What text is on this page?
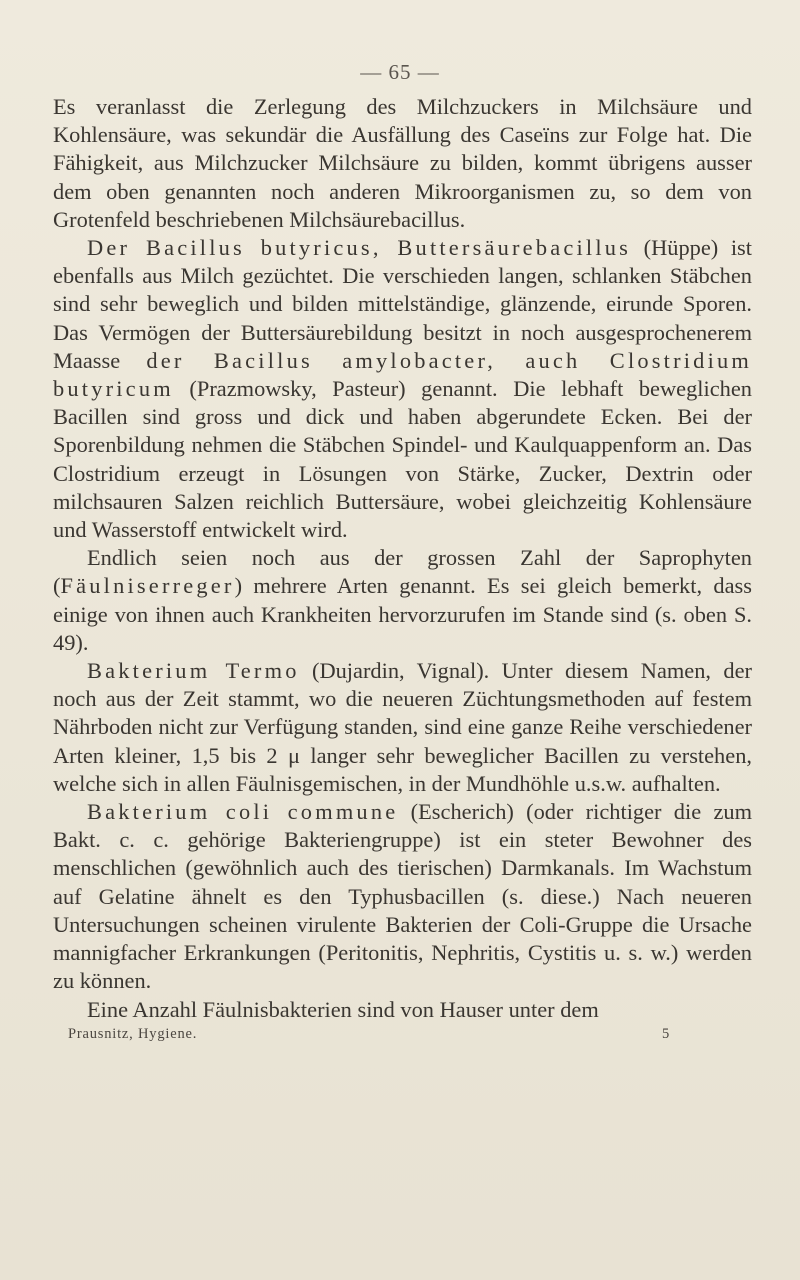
— 65 —

Es veranlasst die Zerlegung des Milchzuckers in Milchsäure und Kohlensäure, was sekundär die Ausfällung des Caseïns zur Folge hat. Die Fähigkeit, aus Milchzucker Milchsäure zu bilden, kommt übrigens ausser dem oben genannten noch anderen Mikroorganismen zu, so dem von Grotenfeld beschriebenen Milchsäurebacillus.

Der Bacillus butyricus, Buttersäurebacillus (Hüppe) ist ebenfalls aus Milch gezüchtet. Die verschieden langen, schlanken Stäbchen sind sehr beweglich und bilden mittelständige, glänzende, eirunde Sporen. Das Vermögen der Buttersäurebildung besitzt in noch ausgesprochenerem Maasse der Bacillus amylobacter, auch Clostridium butyricum (Prazmowsky, Pasteur) genannt. Die lebhaft beweglichen Bacillen sind gross und dick und haben abgerundete Ecken. Bei der Sporenbildung nehmen die Stäbchen Spindel- und Kaulquappenform an. Das Clostridium erzeugt in Lösungen von Stärke, Zucker, Dextrin oder milchsauren Salzen reichlich Buttersäure, wobei gleichzeitig Kohlensäure und Wasserstoff entwickelt wird.

Endlich seien noch aus der grossen Zahl der Saprophyten (Fäulniserreger) mehrere Arten genannt. Es sei gleich bemerkt, dass einige von ihnen auch Krankheiten hervorzurufen im Stande sind (s. oben S. 49).

Bakterium Termo (Dujardin, Vignal). Unter diesem Namen, der noch aus der Zeit stammt, wo die neueren Züchtungsmethoden auf festem Nährboden nicht zur Verfügung standen, sind eine ganze Reihe verschiedener Arten kleiner, 1,5 bis 2 μ langer sehr beweglicher Bacillen zu verstehen, welche sich in allen Fäulnisgemischen, in der Mundhöhle u.s.w. aufhalten.

Bakterium coli commune (Escherich) (oder richtiger die zum Bakt. c. c. gehörige Bakteriengruppe) ist ein steter Bewohner des menschlichen (gewöhnlich auch des tierischen) Darmkanals. Im Wachstum auf Gelatine ähnelt es den Typhusbacillen (s. diese.) Nach neueren Untersuchungen scheinen virulente Bakterien der Coli-Gruppe die Ursache mannigfacher Erkrankungen (Peritonitis, Nephritis, Cystitis u. s. w.) werden zu können.

Eine Anzahl Fäulnisbakterien sind von Hauser unter dem

Prausnitz, Hygiene.	5
